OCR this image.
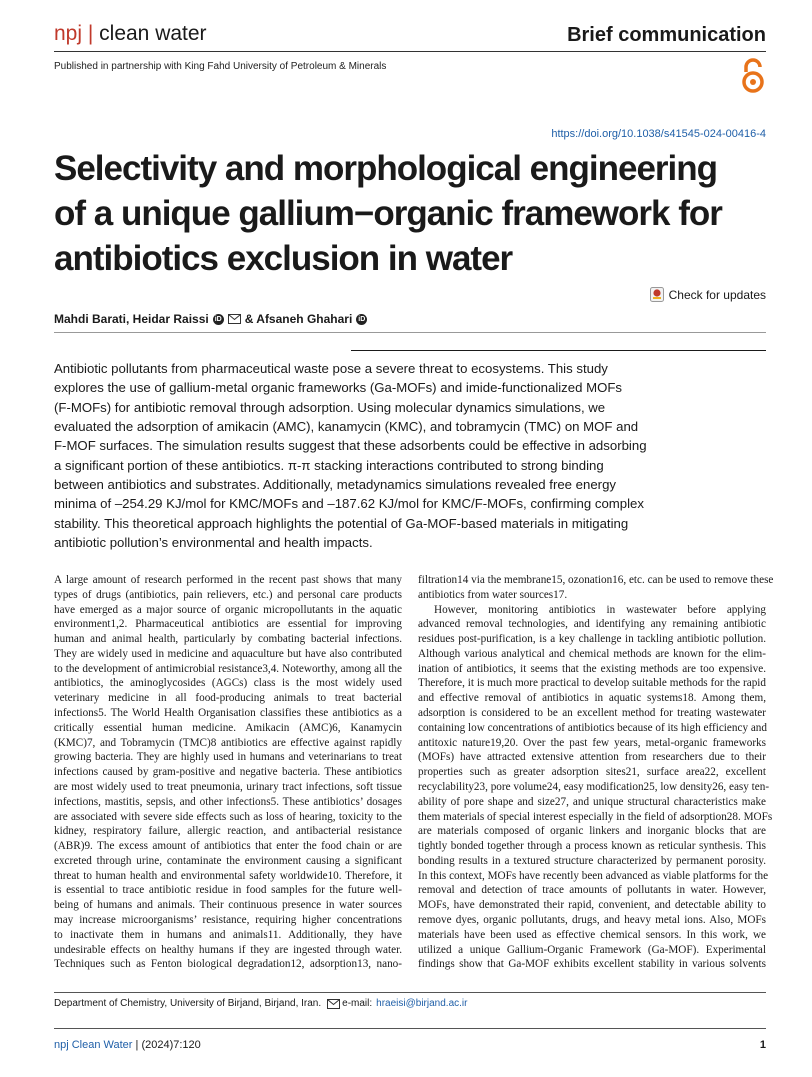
npj | clean water	Brief communication
Published in partnership with King Fahd University of Petroleum & Minerals
https://doi.org/10.1038/s41545-024-00416-4
Selectivity and morphological engineering
of a unique gallium−organic framework for
antibiotics exclusion in water
Check for updates
Mahdi Barati, Heidar Raissi iD & Afsaneh Ghahari iD

Antibiotic pollutants from pharmaceutical waste pose a severe threat to ecosystems. This study

explores the use of gallium-metal organic frameworks (Ga-MOFs) and imide-functionalized MOFs

(F-MOFs) for antibiotic removal through adsorption. Using molecular dynamics simulations, we

evaluated the adsorption of amikacin (AMC), kanamycin (KMC), and tobramycin (TMC) on MOF and

F-MOF surfaces. The simulation results suggest that these adsorbents could be effective in adsorbing

a significant portion of these antibiotics. π-π stacking interactions contributed to strong binding

between antibiotics and substrates. Additionally, metadynamics simulations revealed free energy

minima of –254.29 KJ/mol for KMC/MOFs and –187.62 KJ/mol for KMC/F-MOFs, confirming complex

stability. This theoretical approach highlights the potential of Ga-MOF-based materials in mitigating

antibiotic pollution’s environmental and health impacts.

A large amount of research performed in the recent past shows that many

types of drugs (antibiotics, pain relievers, etc.) and personal care products

have emerged as a major source of organic micropollutants in the aquatic

environment1,2. Pharmaceutical antibiotics are essential for improving

human and animal health, particularly by combating bacterial infections.

They are widely used in medicine and aquaculture but have also contributed

to the development of antimicrobial resistance3,4. Noteworthy, among all the

antibiotics, the aminoglycosides (AGCs) class is the most widely used

veterinary medicine in all food-producing animals to treat bacterial

infections5. The World Health Organisation classifies these antibiotics as a

critically essential human medicine. Amikacin (AMC)6, Kanamycin

(KMC)7, and Tobramycin (TMC)8 antibiotics are effective against rapidly

growing bacteria. They are highly used in humans and veterinarians to treat

infections caused by gram-positive and negative bacteria. These antibiotics

are most widely used to treat pneumonia, urinary tract infections, soft tissue

infections, mastitis, sepsis, and other infections5. These antibiotics’ dosages

are associated with severe side effects such as loss of hearing, toxicity to the

kidney, respiratory failure, allergic reaction, and antibacterial resistance

(ABR)9. The excess amount of antibiotics that enter the food chain or are

excreted through urine, contaminate the environment causing a significant

threat to human health and environmental safety worldwide10. Therefore, it

is essential to trace antibiotic residue in food samples for the future well-

being of humans and animals. Their continuous presence in water sources

may increase microorganisms’ resistance, requiring higher concentrations

to inactivate them in humans and animals11. Additionally, they have

undesirable effects on healthy humans if they are ingested through water.

Techniques such as Fenton biological degradation12, adsorption13, nano-

filtration14 via the membrane15, ozonation16, etc. can be used to remove these

antibiotics from water sources17.

However, monitoring antibiotics in wastewater before applying

advanced removal technologies, and identifying any remaining antibiotic

residues post-purification, is a key challenge in tackling antibiotic pollution.

Although various analytical and chemical methods are known for the elim-

ination of antibiotics, it seems that the existing methods are too expensive.

Therefore, it is much more practical to develop suitable methods for the rapid

and effective removal of antibiotics in aquatic systems18. Among them,

adsorption is considered to be an excellent method for treating wastewater

containing low concentrations of antibiotics because of its high efficiency and

antitoxic nature19,20. Over the past few years, metal-organic frameworks

(MOFs) have attracted extensive attention from researchers due to their

properties such as greater adsorption sites21, surface area22, excellent

recyclability23, pore volume24, easy modification25, low density26, easy ten-

ability of pore shape and size27, and unique structural characteristics make

them materials of special interest especially in the field of adsorption28. MOFs

are materials composed of organic linkers and inorganic blocks that are

tightly bonded together through a process known as reticular synthesis. This

bonding results in a textured structure characterized by permanent porosity.

In this context, MOFs have recently been advanced as viable platforms for the

removal and detection of trace amounts of pollutants in water. However,

MOFs, have demonstrated their rapid, convenient, and detectable ability to

remove dyes, organic pollutants, drugs, and heavy metal ions. Also, MOFs

materials have been used as effective chemical sensors. In this work, we

utilized a unique Gallium-Organic Framework (Ga-MOF). Experimental

findings show that Ga-MOF exhibits excellent stability in various solvents

Department of Chemistry, University of Birjand, Birjand, Iran. e-mail: hraeisi@birjand.ac.ir
npj Clean Water | (2024)7:120	1
